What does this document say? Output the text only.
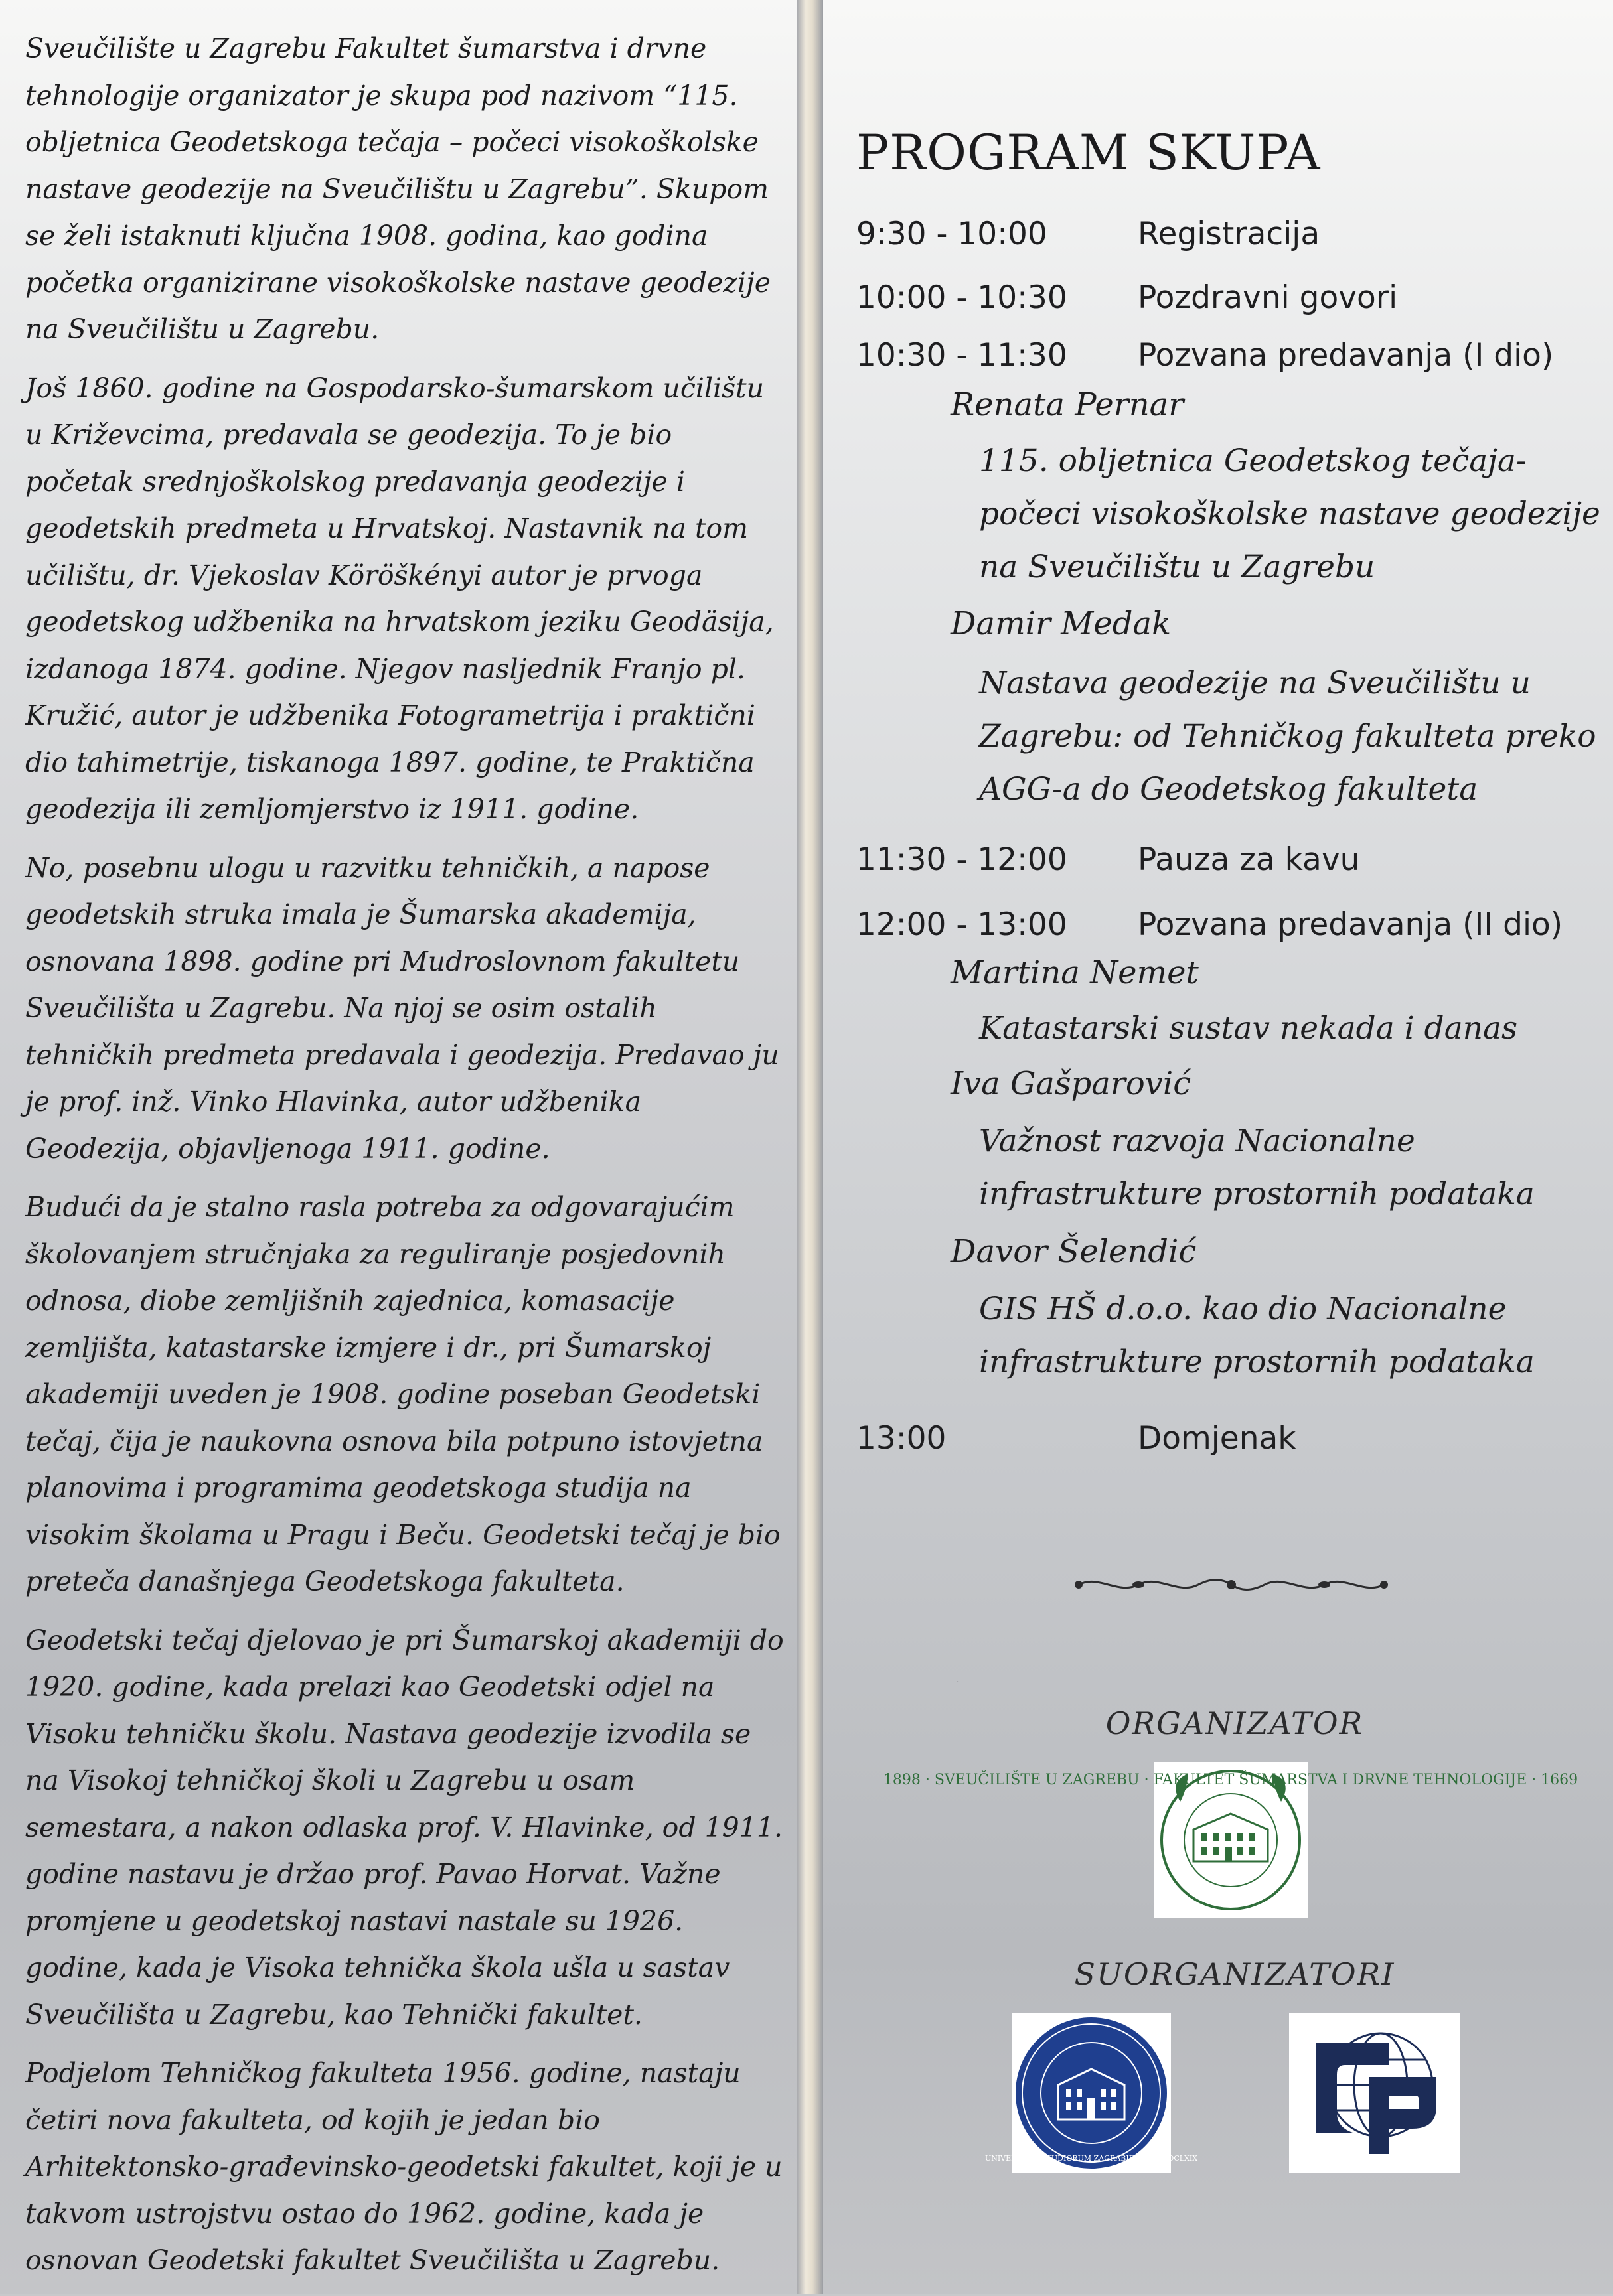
Sveučilište u Zagrebu Fakultet šumarstva i drvne tehnologije organizator je skupa pod nazivom “115. obljetnica Geodetskoga tečaja – počeci visokoškolske nastave geodezije na Sveučilištu u Zagrebu”. Skupom se želi istaknuti ključna 1908. godina, kao godina početka organizirane visokoškolske nastave geodezije na Sveučilištu u Zagrebu.

Još 1860. godine na Gospodarsko-šumarskom učilištu u Križevcima, predavala se geodezija. To je bio početak srednjoškolskog predavanja geodezije i geodetskih predmeta u Hrvatskoj. Nastavnik na tom učilištu, dr. Vjekoslav Köröškényi autor je prvoga geodetskog udžbenika na hrvatskom jeziku Geodäsija, izdanoga 1874. godine. Njegov nasljednik Franjo pl. Kružić, autor je udžbenika Fotogrametrija i praktični dio tahimetrije, tiskanoga 1897. godine, te Praktična geodezija ili zemljomjerstvo iz 1911. godine.

No, posebnu ulogu u razvitku tehničkih, a napose geodetskih struka imala je Šumarska akademija, osnovana 1898. godine pri Mudroslovnom fakultetu Sveučilišta u Zagrebu. Na njoj se osim ostalih tehničkih predmeta predavala i geodezija. Predavao ju je prof. inž. Vinko Hlavinka, autor udžbenika Geodezija, objavljenoga 1911. godine.

Budući da je stalno rasla potreba za odgovarajućim školovanjem stručnjaka za reguliranje posjedovnih odnosa, diobe zemljišnih zajednica, komasacije zemljišta, katastarske izmjere i dr., pri Šumarskoj akademiji uveden je 1908. godine poseban Geodetski tečaj, čija je naukovna osnova bila potpuno istovjetna planovima i programima geodetskoga studija na visokim školama u Pragu i Beču. Geodetski tečaj je bio preteča današnjega Geodetskoga fakulteta.

Geodetski tečaj djelovao je pri Šumarskoj akademiji do 1920. godine, kada prelazi kao Geodetski odjel na Visoku tehničku školu. Nastava geodezije izvodila se na Visokoj tehničkoj školi u Zagrebu u osam semestara, a nakon odlaska prof. V. Hlavinke, od 1911. godine nastavu je držao prof. Pavao Horvat. Važne promjene u geodetskoj nastavi nastale su 1926. godine, kada je Visoka tehnička škola ušla u sastav Sveučilišta u Zagrebu, kao Tehnički fakultet.

Podjelom Tehničkog fakulteta 1956. godine, nastaju četiri nova fakulteta, od kojih je jedan bio Arhitektonsko-građevinsko-geodetski fakultet, koji je u takvom ustrojstvu ostao do 1962. godine, kada je osnovan Geodetski fakultet Sveučilišta u Zagrebu.

PROGRAM SKUPA
9:30 - 10:00	Registracija
10:00 - 10:30	Pozdravni govori
10:30 - 11:30	Pozvana predavanja (I dio)
Renata Pernar
115. obljetnica Geodetskog tečaja-počeci visokoškolske nastave geodezije na Sveučilištu u Zagrebu
Damir Medak
Nastava geodezije na Sveučilištu u Zagrebu: od Tehničkog fakulteta preko AGG-a do Geodetskog fakulteta
11:30 - 12:00	Pauza za kavu
12:00 - 13:00	Pozvana predavanja (II dio)
Martina Nemet
Katastarski sustav nekada i danas
Iva Gašparović
Važnost razvoja Nacionalne infrastrukture prostornih podataka
Davor Šelendić
GIS HŠ d.o.o. kao dio Nacionalne infrastrukture prostornih podataka
13:00	Domjenak
ORGANIZATOR
1898 · SVEUČILIŠTE U ZAGREBU · FAKULTET ŠUMARSTVA I DRVNE TEHNOLOGIJE · 1669
SUORGANIZATORI
UNIVERSITAS STUDIORUM ZAGRABIENSIS · MDCLXIX
GF
